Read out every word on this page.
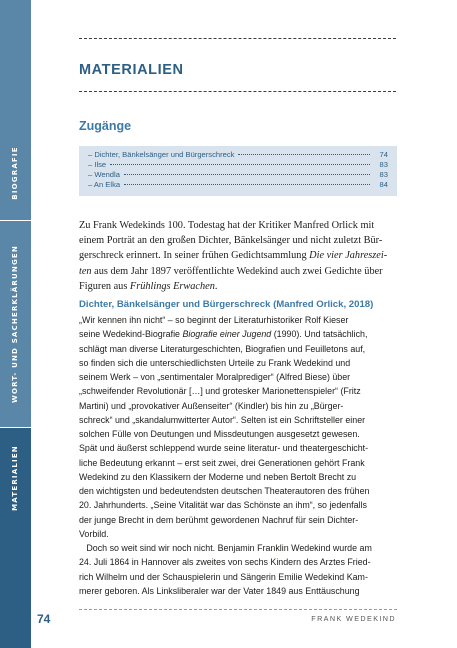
BIOGRAFIE
WORT- UND SACHERKLÄRUNGEN
MATERIALIEN
74
MATERIALIEN
Zugänge
– Dichter, Bänkelsänger und Bürgerschreck	74
– Ilse	83
– Wendla	83
– An Elka	84
Zu Frank Wedekinds 100. Todestag hat der Kritiker Manfred Orlick mit
einem Porträt an den großen Dichter, Bänkelsänger und nicht zuletzt Bür-
gerschreck erinnert. In seiner frühen Gedichtsammlung Die vier Jahreszei-
ten aus dem Jahr 1897 veröffentlichte Wedekind auch zwei Gedichte über
Figuren aus Frühlings Erwachen.
Dichter, Bänkelsänger und Bürgerschreck (Manfred Orlick, 2018)
„Wir kennen ihn nicht“ – so beginnt der Literaturhistoriker Rolf Kieser
seine Wedekind-Biografie Biografie einer Jugend (1990). Und tatsächlich,
schlägt man diverse Literaturgeschichten, Biografien und Feuilletons auf,
so finden sich die unterschiedlichsten Urteile zu Frank Wedekind und
seinem Werk – von „sentimentaler Moralprediger“ (Alfred Biese) über
„schweifender Revolutionär […] und grotesker Marionettenspieler“ (Fritz
Martini) und „provokativer Außenseiter“ (Kindler) bis hin zu „Bürger-
schreck“ und „skandalumwitterter Autor“. Selten ist ein Schriftsteller einer
solchen Fülle von Deutungen und Missdeutungen ausgesetzt gewesen.
Spät und äußerst schleppend wurde seine literatur- und theatergeschicht-
liche Bedeutung erkannt – erst seit zwei, drei Generationen gehört Frank
Wedekind zu den Klassikern der Moderne und neben Bertolt Brecht zu
den wichtigsten und bedeutendsten deutschen Theaterautoren des frühen
20. Jahrhunderts. „Seine Vitalität war das Schönste an ihm“, so jedenfalls
der junge Brecht in dem berühmt gewordenen Nachruf für sein Dichter-
Vorbild.
Doch so weit sind wir noch nicht. Benjamin Franklin Wedekind wurde am
24. Juli 1864 in Hannover als zweites von sechs Kindern des Arztes Fried-
rich Wilhelm und der Schauspielerin und Sängerin Emilie Wedekind Kam-
merer geboren. Als Linksliberaler war der Vater 1849 aus Enttäuschung
FRANK WEDEKIND
